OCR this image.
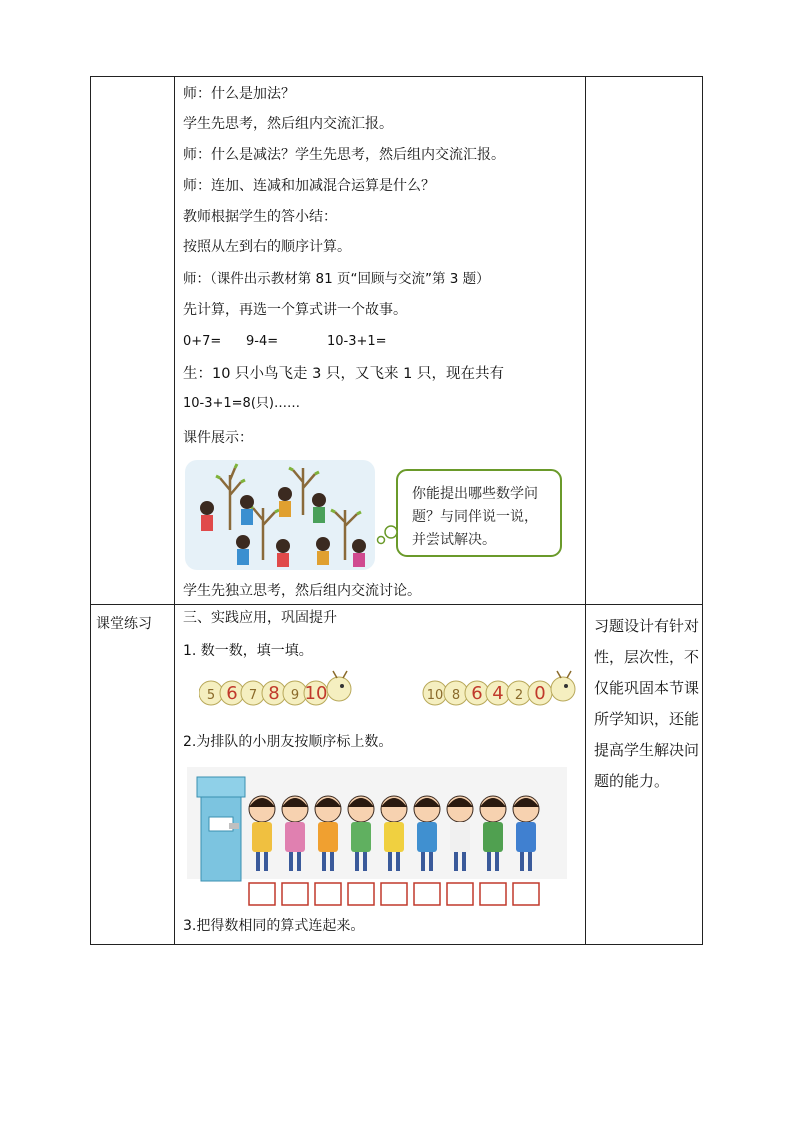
师：什么是加法？
学生先思考，然后组内交流汇报。
师：什么是减法？学生先思考，然后组内交流汇报。
师：连加、连减和加减混合运算是什么？
教师根据学生的答小结：
按照从左到右的顺序计算。
师：（课件出示教材第 81 页“回顾与交流”第 3 题）
先计算，再选一个算式讲一个故事。
0+7= 9-4=	10-3+1=
生：10 只小鸟飞走 3 只，又飞来 1 只，现在共有
10-3+1=8(只)……
课件展示：
你能提出哪些数学问
题？与同伴说一说，
并尝试解决。
学生先独立思考，然后组内交流讨论。
课堂练习 三、实践应用，巩固提升
1. 数一数，填一填。
5 6 7 8 9 10	10 8 6 4 2 0
2.为排队的小朋友按顺序标上数。
3.把得数相同的算式连起来。
习题设计有针对性，层次性，不仅能巩固本节课所学知识，还能提高学生解决问题的能力。
